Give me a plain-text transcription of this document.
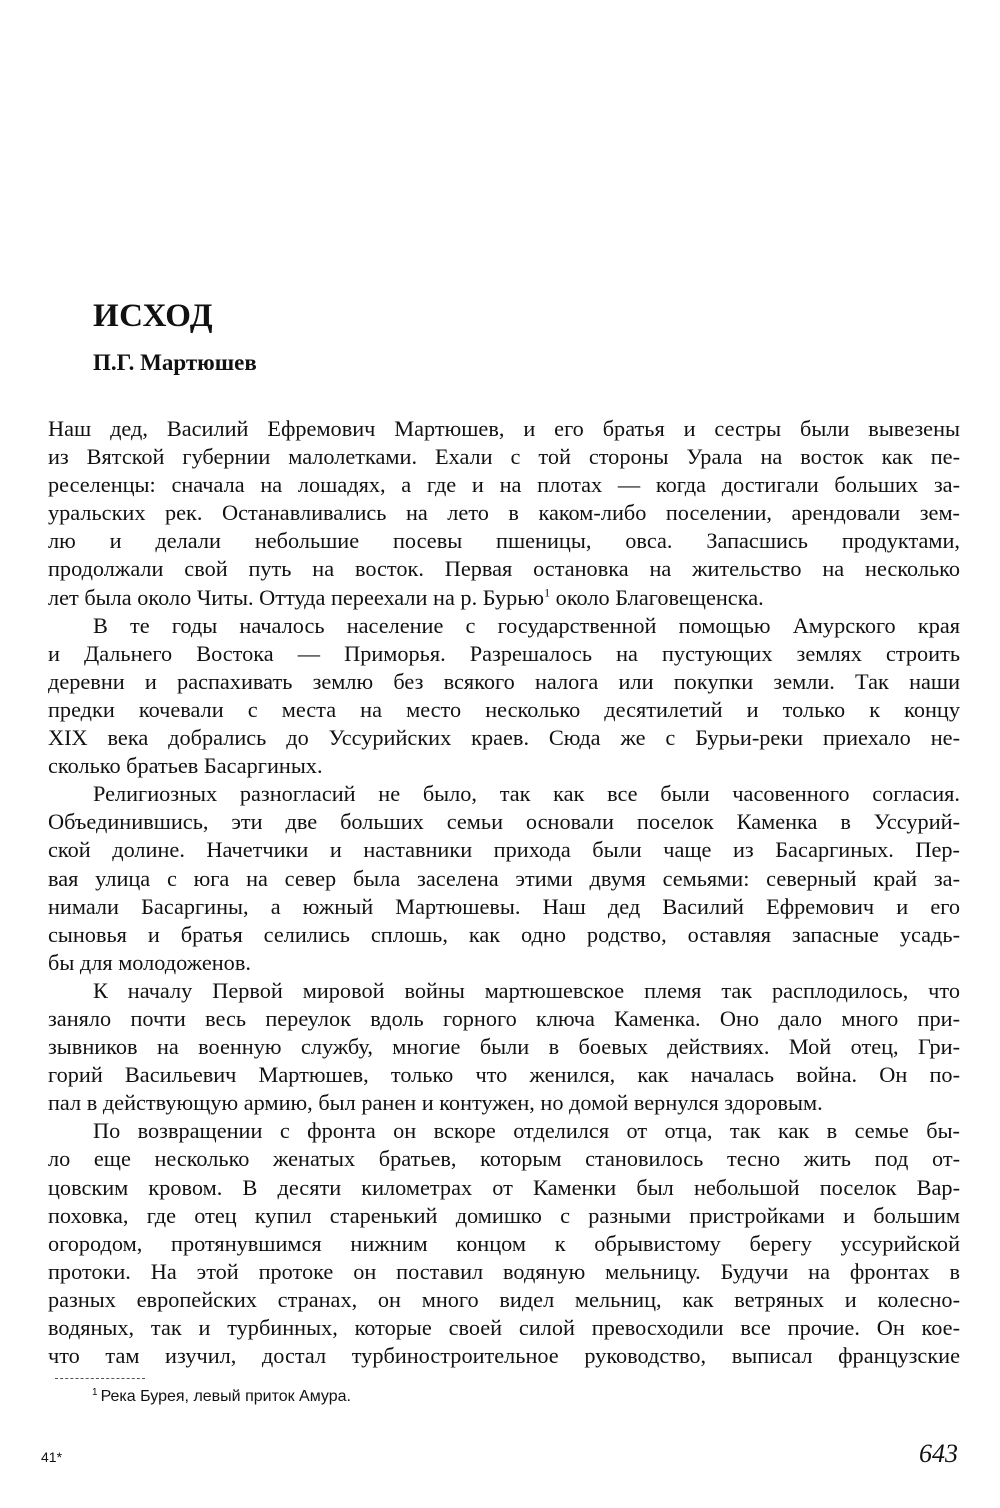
ИСХОД
П.Г. Мартюшев

Наш дед, Василий Ефремович Мартюшев, и его братья и сестры были вывезены
из Вятской губернии малолетками. Ехали с той стороны Урала на восток как пе-
реселенцы: сначала на лошадях, а где и на плотах — когда достигали больших за-
уральских рек. Останавливались на лето в каком-либо поселении, арендовали зем-
лю и делали небольшие посевы пшеницы, овса. Запасшись продуктами,
продолжали свой путь на восток. Первая остановка на жительство на несколько
лет была около Читы. Оттуда переехали на р. Бурью$^1$ около Благовещенска.

В те годы началось население с государственной помощью Амурского края
и Дальнего Востока — Приморья. Разрешалось на пустующих землях строить
деревни и распахивать землю без всякого налога или покупки земли. Так наши
предки кочевали с места на место несколько десятилетий и только к концу
XIX века добрались до Уссурийских краев. Сюда же с Бурьи-реки приехало не-
сколько братьев Басаргиных.

Религиозных разногласий не было, так как все были часовенного согласия.
Объединившись, эти две больших семьи основали поселок Каменка в Уссурий-
ской долине. Начетчики и наставники прихода были чаще из Басаргиных. Пер-
вая улица с юга на север была заселена этими двумя семьями: северный край за-
нимали Басаргины, а южный Мартюшевы. Наш дед Василий Ефремович и его
сыновья и братья селились сплошь, как одно родство, оставляя запасные усадь-
бы для молодоженов.

К началу Первой мировой войны мартюшевское племя так расплодилось, что
заняло почти весь переулок вдоль горного ключа Каменка. Оно дало много при-
зывников на военную службу, многие были в боевых действиях. Мой отец, Гри-
горий Васильевич Мартюшев, только что женился, как началась война. Он по-
пал в действующую армию, был ранен и контужен, но домой вернулся здоровым.

По возвращении с фронта он вскоре отделился от отца, так как в семье бы-
ло еще несколько женатых братьев, которым становилось тесно жить под от-
цовским кровом. В десяти километрах от Каменки был небольшой поселок Вар-
поховка, где отец купил старенький домишко с разными пристройками и большим
огородом, протянувшимся нижним концом к обрывистому берегу уссурийской
протоки. На этой протоке он поставил водяную мельницу. Будучи на фронтах в
разных европейских странах, он много видел мельниц, как ветряных и колесно-
водяных, так и турбинных, которые своей силой превосходили все прочие. Он кое-
что там изучил, достал турбиностроительное руководство, выписал французские

$^1$ Река Бурея, левый приток Амура.

41*	643
